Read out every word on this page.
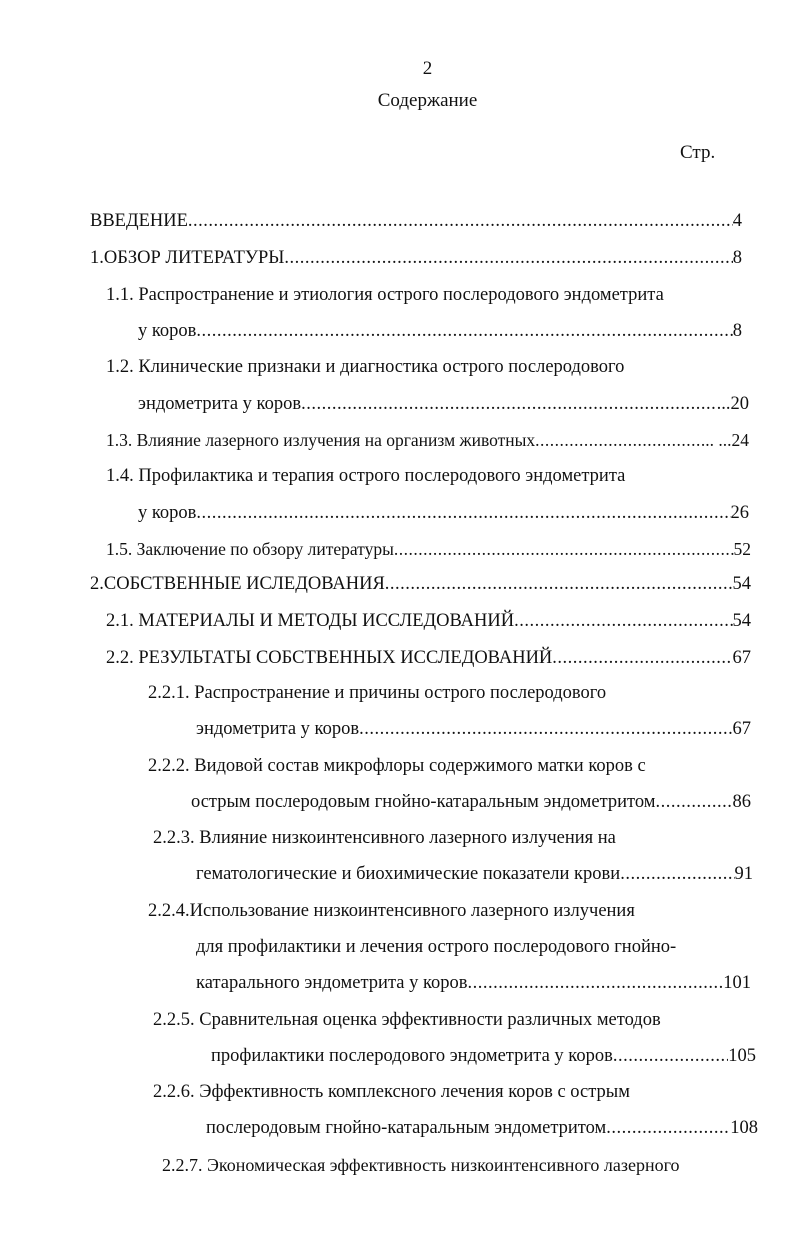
2
Содержание
Стр.
ВВЕДЕНИЕ .....	4
1.ОБЗОР ЛИТЕРАТУРЫ .....	8
1.1. Распространение и этиология острого послеродового эндометрита
у коров .....	8
1.2. Клинические признаки и диагностика острого послеродового
эндометрита у коров .....	...20
1.3. Влияние лазерного излучения на организм животных .....	... ...24
1.4. Профилактика и терапия острого послеродового эндометрита
у коров .....	26
1.5. Заключение по обзору литературы .....	52
2.СОБСТВЕННЫЕ ИСЛЕДОВАНИЯ .....	54
2.1. МАТЕРИАЛЫ И МЕТОДЫ ИССЛЕДОВАНИЙ .....	54
2.2. РЕЗУЛЬТАТЫ СОБСТВЕННЫХ ИССЛЕДОВАНИЙ .....	67
2.2.1. Распространение и причины острого послеродового
эндометрита у коров .....	67
2.2.2. Видовой состав микрофлоры содержимого матки коров с
острым послеродовым гнойно-катаральным эндометритом .....	86
2.2.3. Влияние низкоинтенсивного лазерного излучения на
гематологические и биохимические показатели крови .....	91
2.2.4.Использование низкоинтенсивного лазерного излучения
для профилактики и лечения острого послеродового гнойно-
катарального эндометрита у коров .....	101
2.2.5. Сравнительная оценка эффективности различных методов
профилактики послеродового эндометрита у коров .....	105
2.2.6. Эффективность комплексного лечения коров с острым
послеродовым гнойно-катаральным эндометритом .....	108
2.2.7. Экономическая эффективность низкоинтенсивного лазерного
